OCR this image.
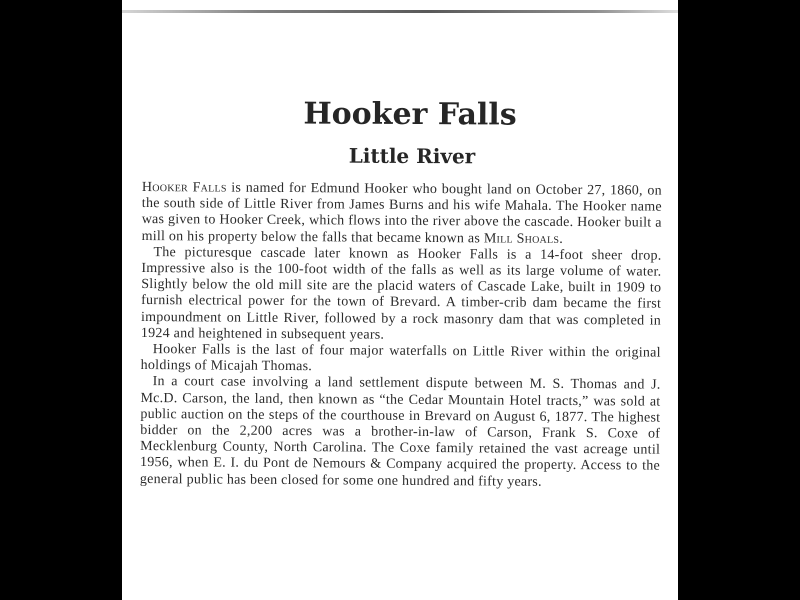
Hooker Falls
Little River

Hooker Falls is named for Edmund Hooker who bought land on October 27, 1860, on the south side of Little River from James Burns and his wife Mahala. The Hooker name was given to Hooker Creek, which flows into the river above the cascade. Hooker built a mill on his property below the falls that became known as Mill Shoals.

The picturesque cascade later known as Hooker Falls is a 14-foot sheer drop. Impressive also is the 100-foot width of the falls as well as its large volume of water. Slightly below the old mill site are the placid waters of Cascade Lake, built in 1909 to furnish electrical power for the town of Brevard. A timber-crib dam became the first impoundment on Little River, followed by a rock masonry dam that was completed in 1924 and heightened in subsequent years.

Hooker Falls is the last of four major waterfalls on Little River within the original holdings of Micajah Thomas.

In a court case involving a land settlement dispute between M. S. Thomas and J. Mc.D. Carson, the land, then known as “the Cedar Mountain Hotel tracts,” was sold at public auction on the steps of the courthouse in Brevard on August 6, 1877. The highest bidder on the 2,200 acres was a brother-in-law of Carson, Frank S. Coxe of Mecklenburg County, North Carolina. The Coxe family retained the vast acreage until 1956, when E. I. du Pont de Nemours & Company acquired the property. Access to the general public has been closed for some one hundred and fifty years.
